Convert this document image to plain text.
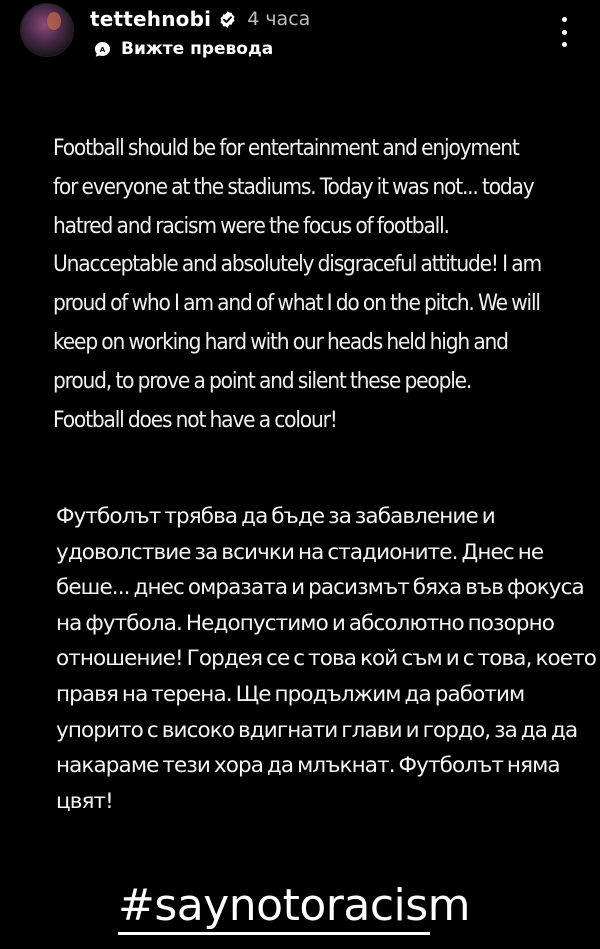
tettehnobi 4 часа
A Вижте превода
Football should be for entertainment and enjoyment for everyone at the stadiums. Today it was not... today hatred and racism were the focus of football. Unacceptable and absolutely disgraceful attitude! I am proud of who I am and of what I do on the pitch. We will keep on working hard with our heads held high and proud, to prove a point and silent these people. Football does not have a colour!
Футболът трябва да бъде за забавление и удоволствие за всички на стадионите. Днес не беше... днес омразата и расизмът бяха във фокуса на футбола. Недопустимо и абсолютно позорно отношение! Гордея се с това кой съм и с това, което правя на терена. Ще продължим да работим упорито с високо вдигнати глави и гордо, за да да накараме тези хора да млъкнат. Футболът няма цвят!
#saynotoracism
